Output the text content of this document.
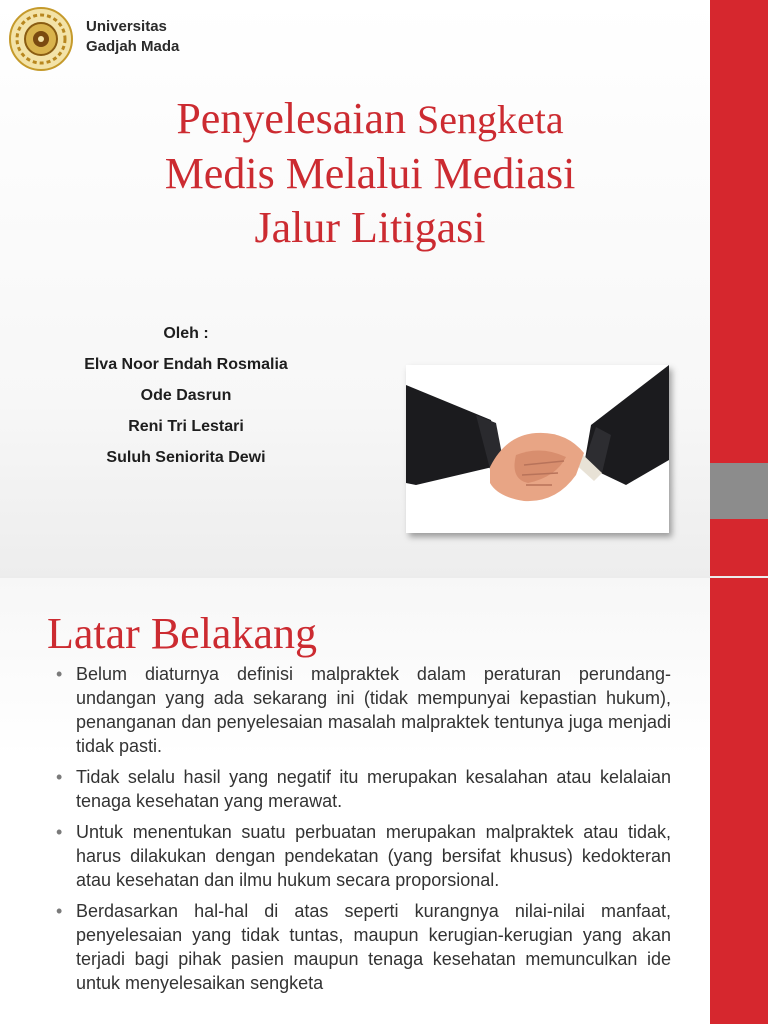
Universitas
Gadjah Mada
Penyelesaian Sengketa
Medis Melalui Mediasi
Jalur Litigasi
Oleh :
Elva Noor Endah Rosmalia
Ode Dasrun
Reni Tri Lestari
Suluh Seniorita Dewi
Latar Belakang
• Belum diaturnya definisi malpraktek dalam peraturan perundang-undangan yang ada sekarang ini (tidak mempunyai kepastian hukum), penanganan dan penyelesaian masalah malpraktek tentunya juga menjadi tidak pasti.
• Tidak selalu hasil yang negatif itu merupakan kesalahan atau kelalaian tenaga kesehatan yang merawat.
• Untuk menentukan suatu perbuatan merupakan malpraktek atau tidak, harus dilakukan dengan pendekatan (yang bersifat khusus) kedokteran atau kesehatan dan ilmu hukum secara proporsional.
• Berdasarkan hal-hal di atas seperti kurangnya nilai-nilai manfaat, penyelesaian yang tidak tuntas, maupun kerugian-kerugian yang akan terjadi bagi pihak pasien maupun tenaga kesehatan memunculkan ide untuk menyelesaikan sengketa
